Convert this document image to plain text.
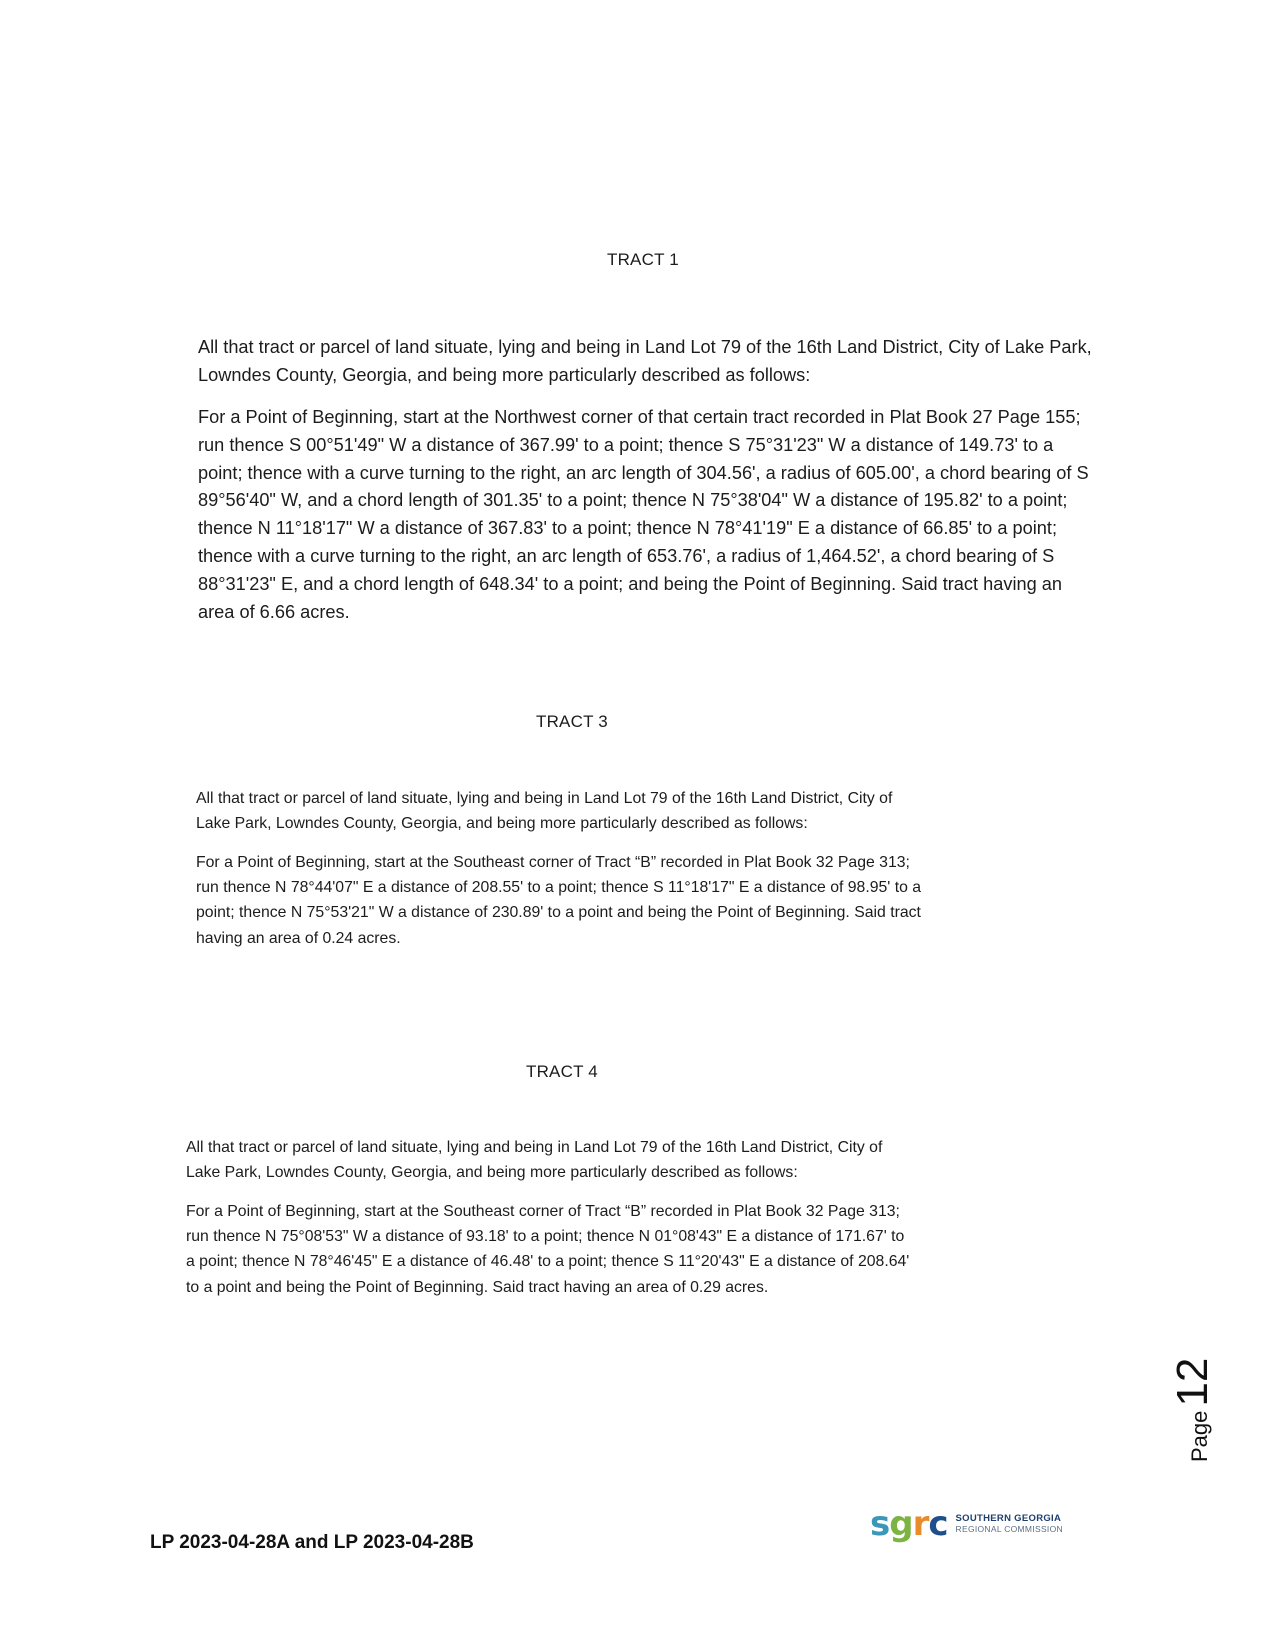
TRACT 1

All that tract or parcel of land situate, lying and being in Land Lot 79 of the 16th Land District, City of Lake Park, Lowndes County, Georgia, and being more particularly described as follows:

For a Point of Beginning, start at the Northwest corner of that certain tract recorded in Plat Book 27 Page 155; run thence S 00°51'49" W a distance of 367.99' to a point; thence S 75°31'23" W a distance of 149.73' to a point; thence with a curve turning to the right, an arc length of 304.56', a radius of 605.00', a chord bearing of S 89°56'40" W, and a chord length of 301.35' to a point; thence N 75°38'04" W a distance of 195.82' to a point; thence N 11°18'17" W a distance of 367.83' to a point; thence N 78°41'19" E a distance of 66.85' to a point; thence with a curve turning to the right, an arc length of 653.76', a radius of 1,464.52', a chord bearing of S 88°31'23" E, and a chord length of 648.34' to a point; and being the Point of Beginning. Said tract having an area of 6.66 acres.

TRACT 3

All that tract or parcel of land situate, lying and being in Land Lot 79 of the 16th Land District, City of Lake Park, Lowndes County, Georgia, and being more particularly described as follows:

For a Point of Beginning, start at the Southeast corner of Tract “B” recorded in Plat Book 32 Page 313; run thence N 78°44'07" E a distance of 208.55' to a point; thence S 11°18'17" E a distance of 98.95' to a point; thence N 75°53'21" W a distance of 230.89' to a point and being the Point of Beginning. Said tract having an area of 0.24 acres.

TRACT 4

All that tract or parcel of land situate, lying and being in Land Lot 79 of the 16th Land District, City of Lake Park, Lowndes County, Georgia, and being more particularly described as follows:

For a Point of Beginning, start at the Southeast corner of Tract “B” recorded in Plat Book 32 Page 313; run thence N 75°08'53" W a distance of 93.18' to a point; thence N 01°08'43" E a distance of 171.67' to a point; thence N 78°46'45" E a distance of 46.48' to a point; thence S 11°20'43" E a distance of 208.64' to a point and being the Point of Beginning. Said tract having an area of 0.29 acres.

Page
12
LP 2023-04-28A and LP 2023-04-28B	s g r c SOUTHERN GEORGIA
REGIONAL COMMISSION
